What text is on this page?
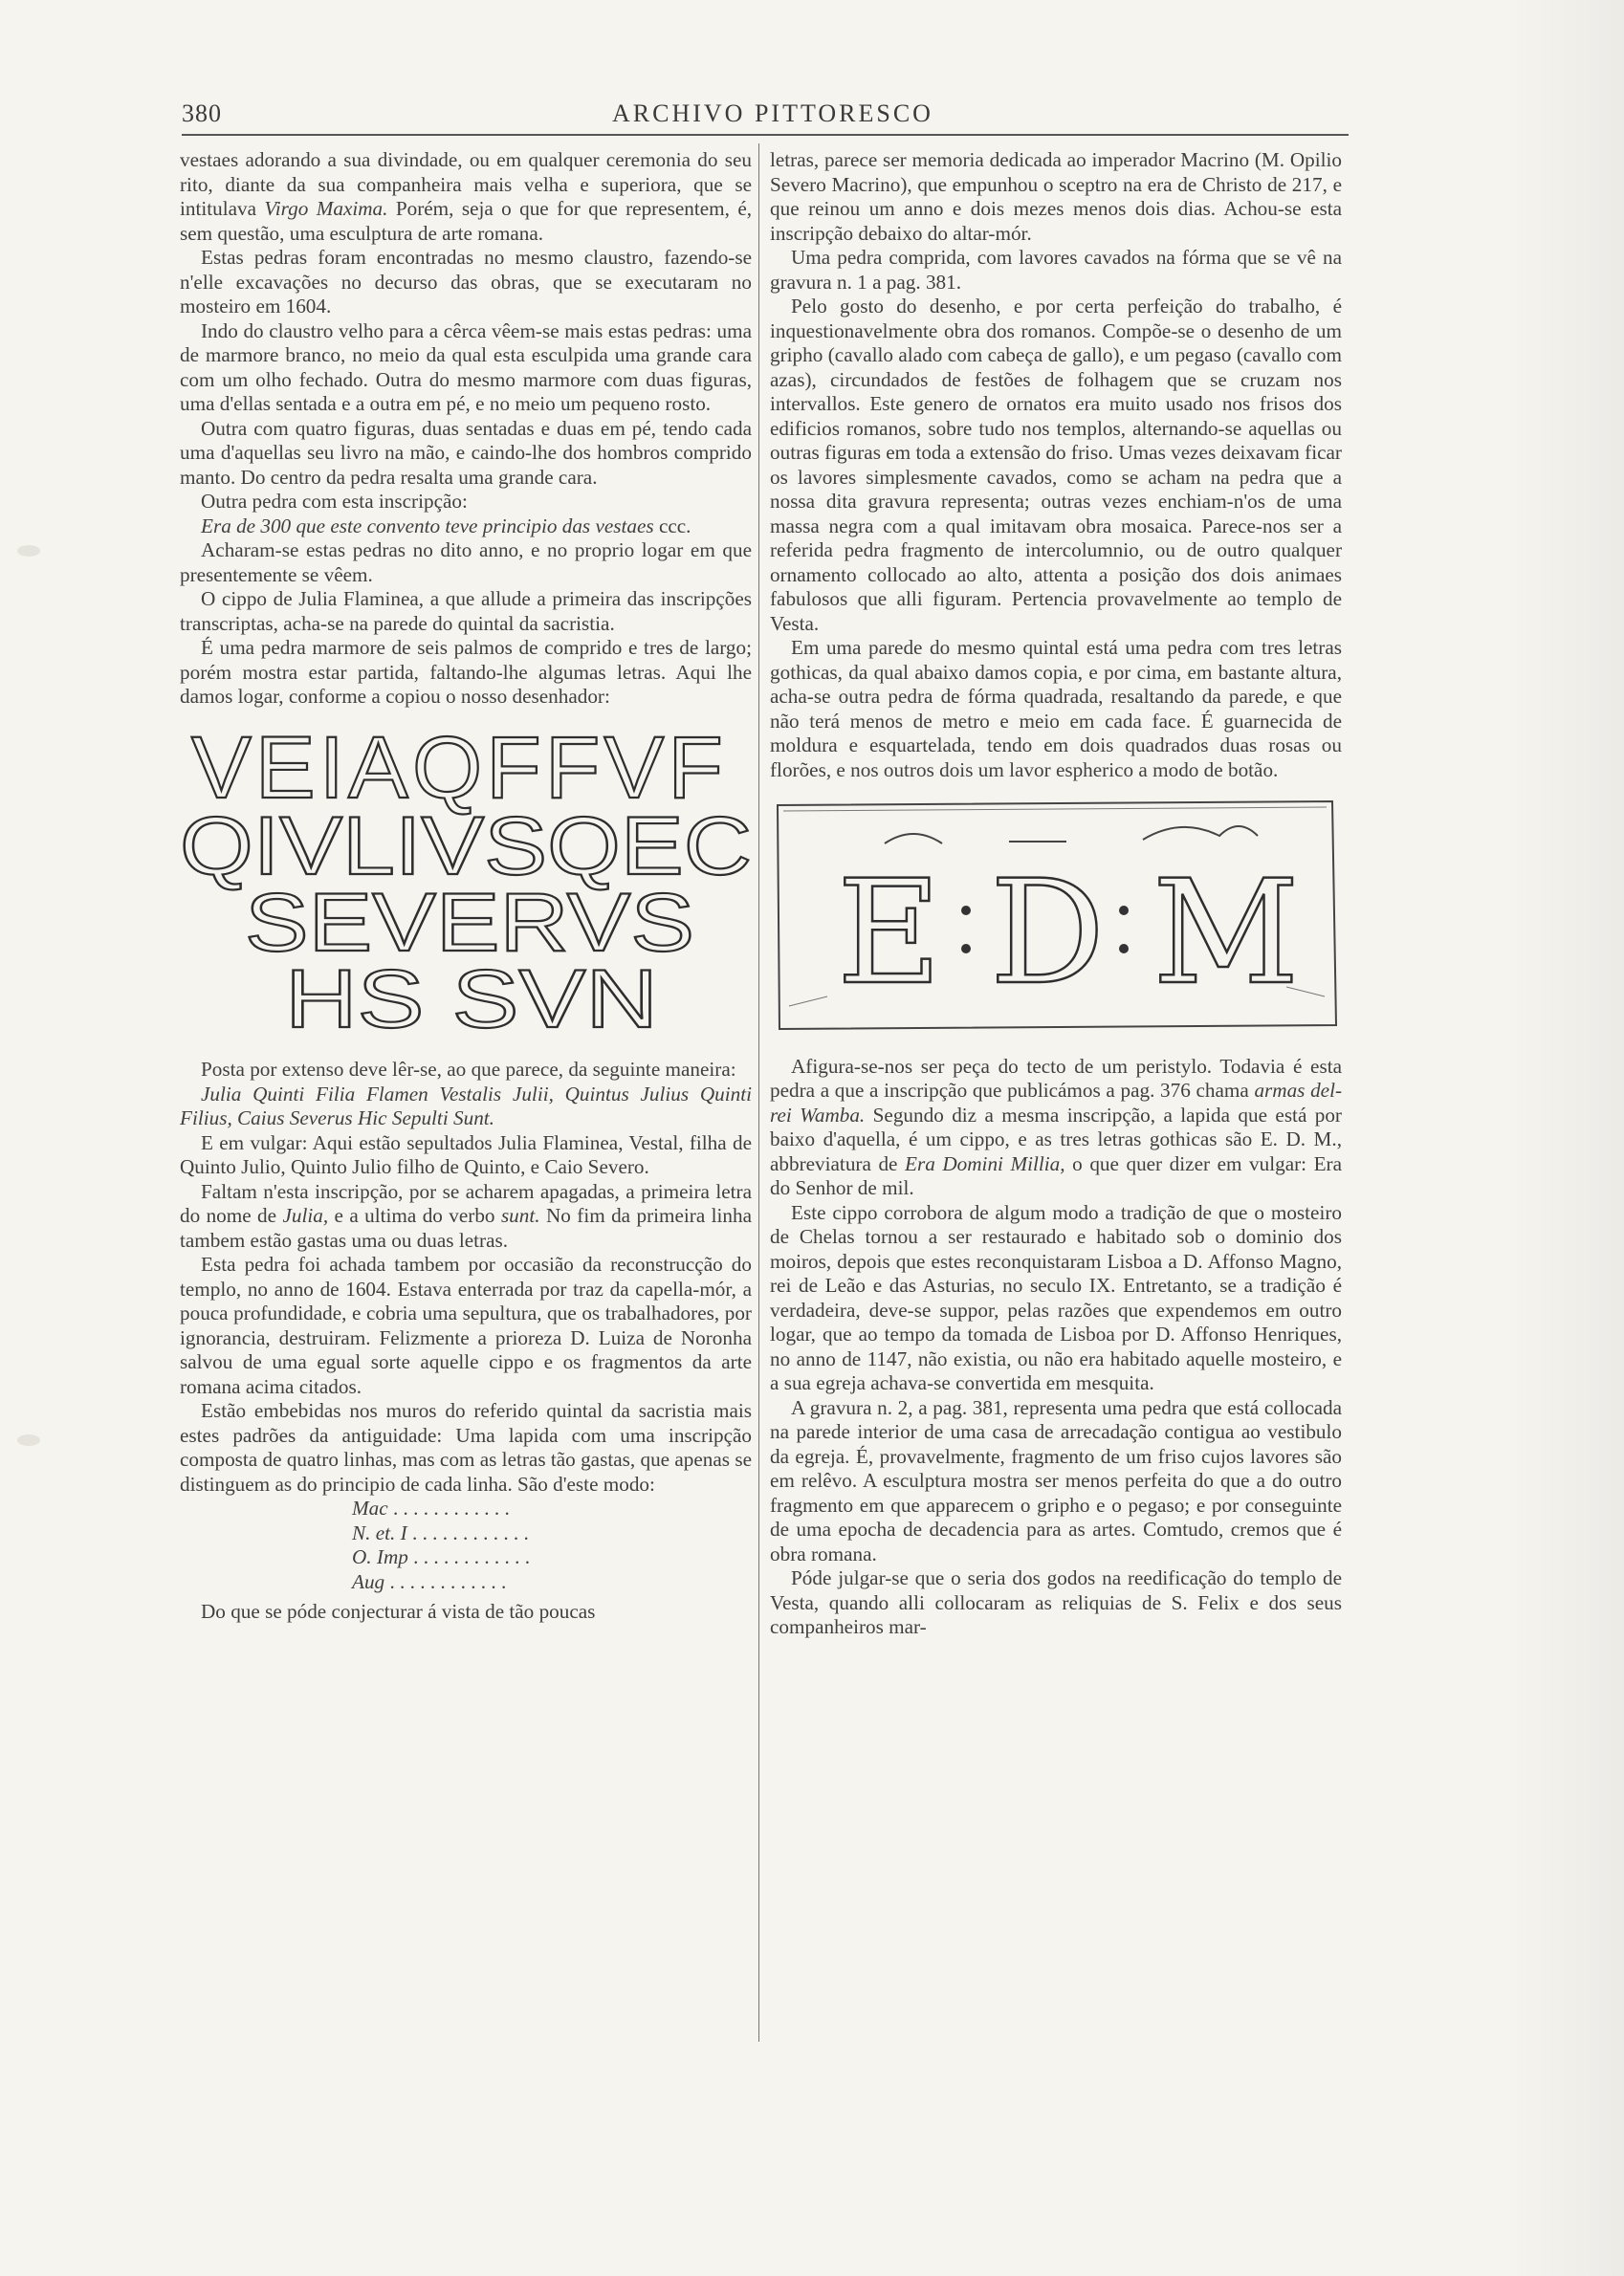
380	ARCHIVO PITTORESCO

vestaes adorando a sua divindade, ou em qualquer ceremonia do seu rito, diante da sua companheira mais velha e superiora, que se intitulava Virgo Maxima. Porém, seja o que for que representem, é, sem questão, uma esculptura de arte romana.

Estas pedras foram encontradas no mesmo claustro, fazendo-se n'elle excavações no decurso das obras, que se executaram no mosteiro em 1604.

Indo do claustro velho para a cêrca vêem-se mais estas pedras: uma de marmore branco, no meio da qual esta esculpida uma grande cara com um olho fechado. Outra do mesmo marmore com duas figuras, uma d'ellas sentada e a outra em pé, e no meio um pequeno rosto.

Outra com quatro figuras, duas sentadas e duas em pé, tendo cada uma d'aquellas seu livro na mão, e caindo-lhe dos hombros comprido manto. Do centro da pedra resalta uma grande cara.

Outra pedra com esta inscripção:

Era de 300 que este convento teve principio das vestaes ccc.

Acharam-se estas pedras no dito anno, e no proprio logar em que presentemente se vêem.

O cippo de Julia Flaminea, a que allude a primeira das inscripções transcriptas, acha-se na parede do quintal da sacristia.

É uma pedra marmore de seis palmos de comprido e tres de largo; porém mostra estar partida, faltando-lhe algumas letras. Aqui lhe damos logar, conforme a copiou o nosso desenhador:

VEIAQFFVF
QIVLIVSQEC
SEVERVS
HS SVN

Posta por extenso deve lêr-se, ao que parece, da seguinte maneira:

Julia Quinti Filia Flamen Vestalis Julii, Quintus Julius Quinti Filius, Caius Severus Hic Sepulti Sunt.

E em vulgar: Aqui estão sepultados Julia Flaminea, Vestal, filha de Quinto Julio, Quinto Julio filho de Quinto, e Caio Severo.

Faltam n'esta inscripção, por se acharem apagadas, a primeira letra do nome de Julia, e a ultima do verbo sunt. No fim da primeira linha tambem estão gastas uma ou duas letras.

Esta pedra foi achada tambem por occasião da reconstrucção do templo, no anno de 1604. Estava enterrada por traz da capella-mór, a pouca profundidade, e cobria uma sepultura, que os trabalhadores, por ignorancia, destruiram. Felizmente a prioreza D. Luiza de Noronha salvou de uma egual sorte aquelle cippo e os fragmentos da arte romana acima citados.

Estão embebidas nos muros do referido quintal da sacristia mais estes padrões da antiguidade: Uma lapida com uma inscripção composta de quatro linhas, mas com as letras tão gastas, que apenas se distinguem as do principio de cada linha. São d'este modo:

Mac . . .

N. et. I . . .

O. Imp . . .

Aug . . .

Do que se póde conjecturar á vista de tão poucas

letras, parece ser memoria dedicada ao imperador Macrino (M. Opilio Severo Macrino), que empunhou o sceptro na era de Christo de 217, e que reinou um anno e dois mezes menos dois dias. Achou-se esta inscripção debaixo do altar-mór.

Uma pedra comprida, com lavores cavados na fórma que se vê na gravura n. 1 a pag. 381.

Pelo gosto do desenho, e por certa perfeição do trabalho, é inquestionavelmente obra dos romanos. Compõe-se o desenho de um gripho (cavallo alado com cabeça de gallo), e um pegaso (cavallo com azas), circundados de festões de folhagem que se cruzam nos intervallos. Este genero de ornatos era muito usado nos frisos dos edificios romanos, sobre tudo nos templos, alternando-se aquellas ou outras figuras em toda a extensão do friso. Umas vezes deixavam ficar os lavores simplesmente cavados, como se acham na pedra que a nossa dita gravura representa; outras vezes enchiam-n'os de uma massa negra com a qual imitavam obra mosaica. Parece-nos ser a referida pedra fragmento de intercolumnio, ou de outro qualquer ornamento collocado ao alto, attenta a posição dos dois animaes fabulosos que alli figuram. Pertencia provavelmente ao templo de Vesta.

Em uma parede do mesmo quintal está uma pedra com tres letras gothicas, da qual abaixo damos copia, e por cima, em bastante altura, acha-se outra pedra de fórma quadrada, resaltando da parede, e que não terá menos de metro e meio em cada face. É guarnecida de moldura e esquartelada, tendo em dois quadrados duas rosas ou florões, e nos outros dois um lavor espherico a modo de botão.

E D M

Afigura-se-nos ser peça do tecto de um peristylo. Todavia é esta pedra a que a inscripção que publicámos a pag. 376 chama armas del-rei Wamba. Segundo diz a mesma inscripção, a lapida que está por baixo d'aquella, é um cippo, e as tres letras gothicas são E. D. M., abbreviatura de Era Domini Millia, o que quer dizer em vulgar: Era do Senhor de mil.

Este cippo corrobora de algum modo a tradição de que o mosteiro de Chelas tornou a ser restaurado e habitado sob o dominio dos moiros, depois que estes reconquistaram Lisboa a D. Affonso Magno, rei de Leão e das Asturias, no seculo IX. Entretanto, se a tradição é verdadeira, deve-se suppor, pelas razões que expendemos em outro logar, que ao tempo da tomada de Lisboa por D. Affonso Henriques, no anno de 1147, não existia, ou não era habitado aquelle mosteiro, e a sua egreja achava-se convertida em mesquita.

A gravura n. 2, a pag. 381, representa uma pedra que está collocada na parede interior de uma casa de arrecadação contigua ao vestibulo da egreja. É, provavelmente, fragmento de um friso cujos lavores são em relêvo. A esculptura mostra ser menos perfeita do que a do outro fragmento em que apparecem o gripho e o pegaso; e por conseguinte de uma epocha de decadencia para as artes. Comtudo, cremos que é obra romana.

Póde julgar-se que o seria dos godos na reedificação do templo de Vesta, quando alli collocaram as reliquias de S. Felix e dos seus companheiros mar-
